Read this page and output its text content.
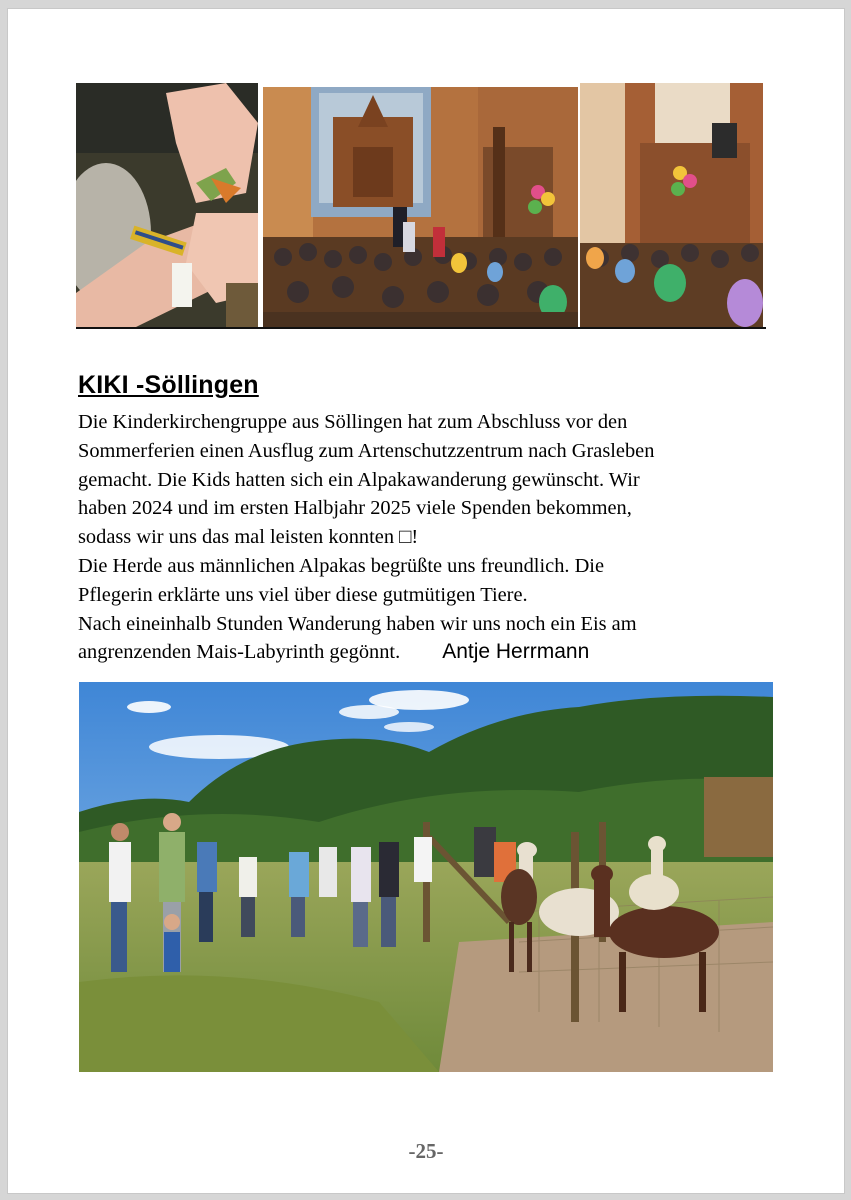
KIKI -Söllingen
Die Kinderkirchengruppe aus Söllingen hat zum Abschluss vor den
Sommerferien einen Ausflug zum Artenschutzzentrum nach Grasleben
gemacht. Die Kids hatten sich ein Alpakawanderung gewünscht. Wir
haben 2024 und im ersten Halbjahr 2025 viele Spenden bekommen,
sodass wir uns das mal leisten konnten □!
Die Herde aus männlichen Alpakas begrüßte uns freundlich. Die
Pflegerin erklärte uns viel über diese gutmütigen Tiere.
Nach eineinhalb Stunden Wanderung haben wir uns noch ein Eis am
angrenzenden Mais-Labyrinth gegönnt. Antje Herrmann
-25-
